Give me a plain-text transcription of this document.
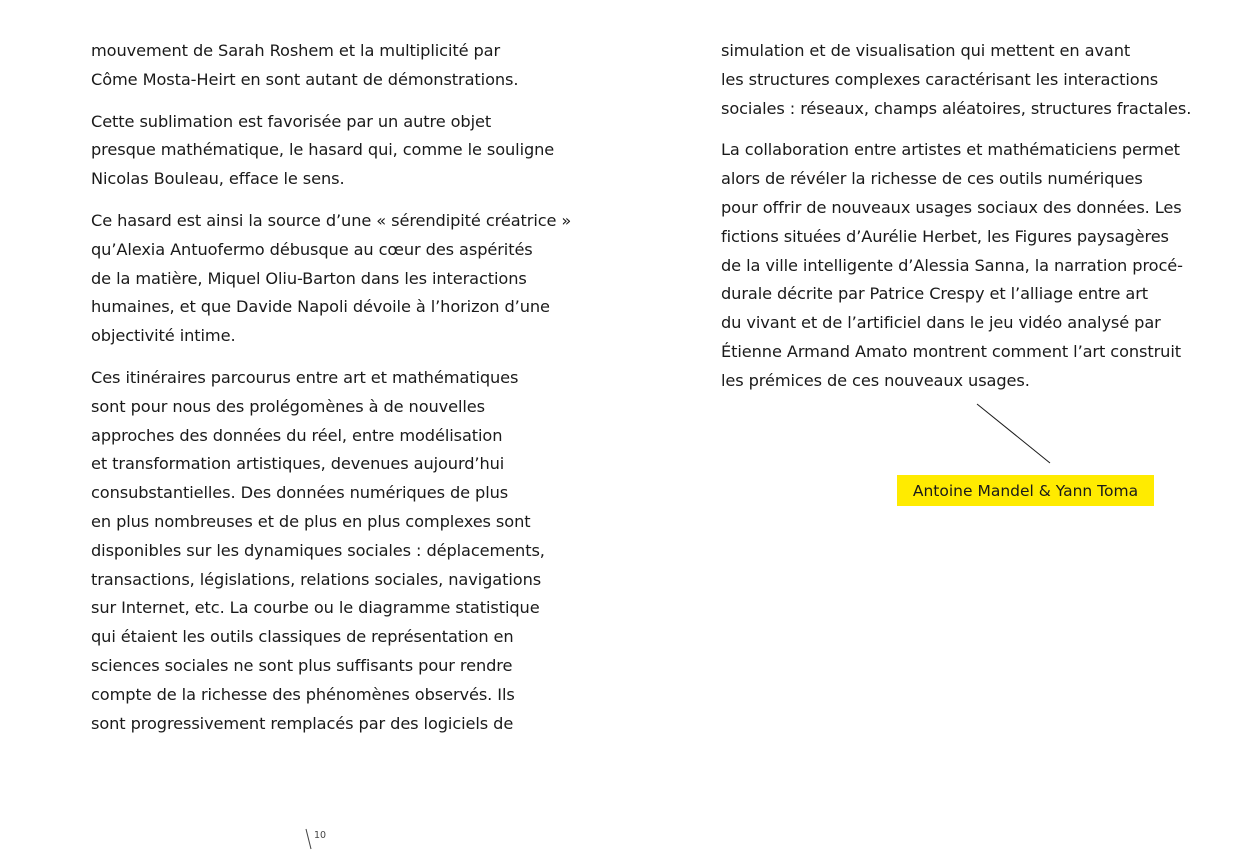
mouvement de Sarah Roshem et la multiplicité par
Côme Mosta-Heirt en sont autant de démonstrations.

Cette sublimation est favorisée par un autre objet
presque mathématique, le hasard qui, comme le souligne
Nicolas Bouleau, efface le sens.

Ce hasard est ainsi la source d’une « sérendipité créatrice »
qu’Alexia Antuofermo débusque au cœur des aspérités
de la matière, Miquel Oliu-Barton dans les interactions
humaines, et que Davide Napoli dévoile à l’horizon d’une
objectivité intime.

Ces itinéraires parcourus entre art et mathématiques
sont pour nous des prolégomènes à de nouvelles
approches des données du réel, entre modélisation
et transformation artistiques, devenues aujourd’hui
consubstantielles. Des données numériques de plus
en plus nombreuses et de plus en plus complexes sont
disponibles sur les dynamiques sociales : déplacements,
transactions, législations, relations sociales, navigations
sur Internet, etc. La courbe ou le diagramme statistique
qui étaient les outils classiques de représentation en
sciences sociales ne sont plus suffisants pour rendre
compte de la richesse des phénomènes observés. Ils
sont progressivement remplacés par des logiciels de

simulation et de visualisation qui mettent en avant
les structures complexes caractérisant les interactions
sociales : réseaux, champs aléatoires, structures fractales.

La collaboration entre artistes et mathématiciens permet
alors de révéler la richesse de ces outils numériques
pour offrir de nouveaux usages sociaux des données. Les
fictions situées d’Aurélie Herbet, les Figures paysagères
de la ville intelligente d’Alessia Sanna, la narration procé-
durale décrite par Patrice Crespy et l’alliage entre art
du vivant et de l’artificiel dans le jeu vidéo analysé par
Étienne Armand Amato montrent comment l’art construit
les prémices de ces nouveaux usages.

Antoine Mandel & Yann Toma
10
